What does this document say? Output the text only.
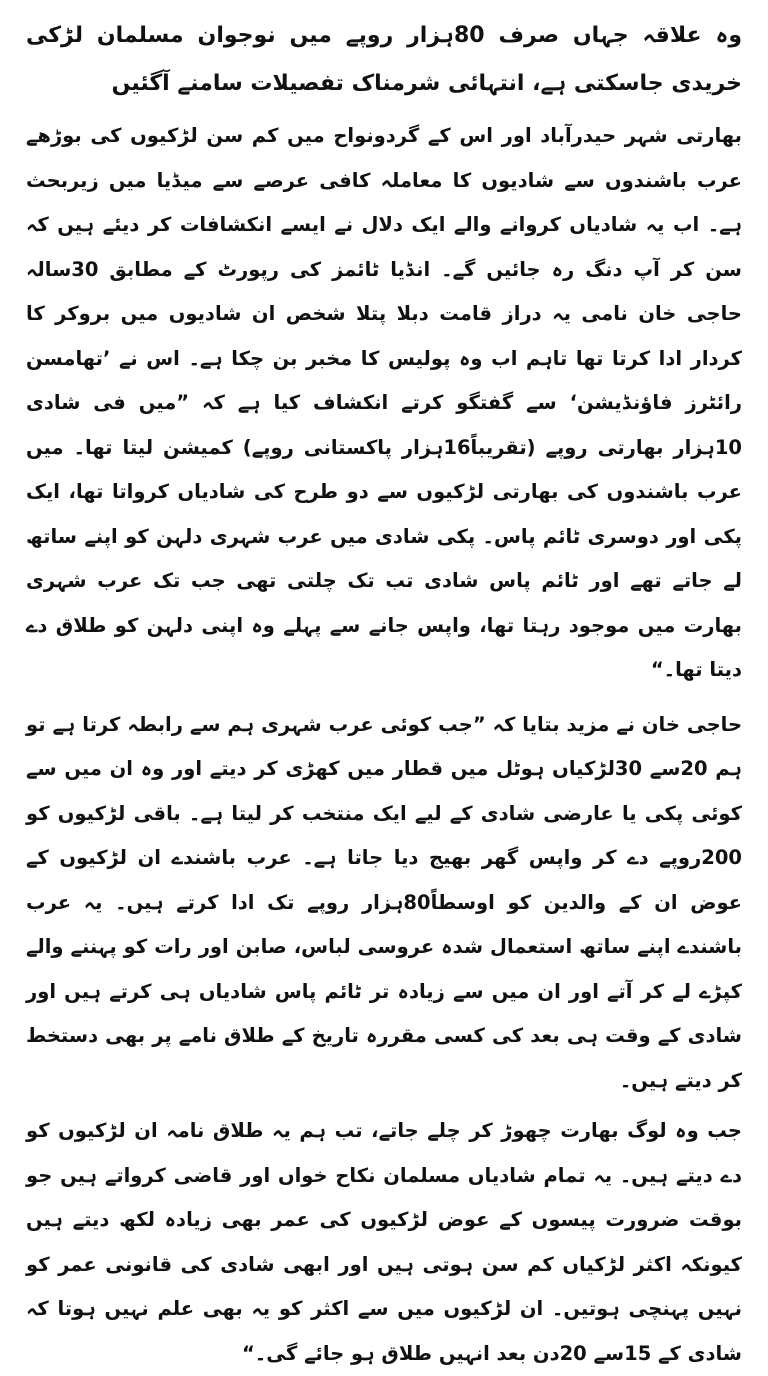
وہ علاقہ جہاں صرف 80ہزار روپے میں نوجوان مسلمان لڑکی خریدی جاسکتی ہے، انتہائی شرمناک تفصیلات سامنے آگئیں

بھارتی شہر حیدرآباد اور اس کے گردونواح میں کم سن لڑکیوں کی بوڑھے عرب باشندوں سے شادیوں کا معاملہ کافی عرصے سے میڈیا میں زیربحث ہے۔ اب یہ شادیاں کروانے والے ایک دلال نے ایسے انکشافات کر دیئے ہیں کہ سن کر آپ دنگ رہ جائیں گے۔ انڈیا ٹائمز کی رپورٹ کے مطابق 30سالہ حاجی خان نامی یہ دراز قامت دبلا پتلا شخص ان شادیوں میں بروکر کا کردار ادا کرتا تھا تاہم اب وہ پولیس کا مخبر بن چکا ہے۔ اس نے ’تھامسن رائٹرز فاﺅنڈیشن‘ سے گفتگو کرتے انکشاف کیا ہے کہ ”میں فی شادی 10ہزار بھارتی روپے (تقریباً16ہزار پاکستانی روپے) کمیشن لیتا تھا۔ میں عرب باشندوں کی بھارتی لڑکیوں سے دو طرح کی شادیاں کرواتا تھا، ایک پکی اور دوسری ٹائم پاس۔ پکی شادی میں عرب شہری دلہن کو اپنے ساتھ لے جاتے تھے اور ٹائم پاس شادی تب تک چلتی تھی جب تک عرب شہری بھارت میں موجود رہتا تھا، واپس جانے سے پہلے وہ اپنی دلہن کو طلاق دے دیتا تھا۔“

حاجی خان نے مزید بتایا کہ ”جب کوئی عرب شہری ہم سے رابطہ کرتا ہے تو ہم 20سے 30لڑکیاں ہوٹل میں قطار میں کھڑی کر دیتے اور وہ ان میں سے کوئی پکی یا عارضی شادی کے لیے ایک منتخب کر لیتا ہے۔ باقی لڑکیوں کو 200روپے دے کر واپس گھر بھیج دیا جاتا ہے۔ عرب باشندے ان لڑکیوں کے عوض ان کے والدین کو اوسطاً80ہزار روپے تک ادا کرتے ہیں۔ یہ عرب باشندے اپنے ساتھ استعمال شدہ عروسی لباس، صابن اور رات کو پہننے والے کپڑے لے کر آتے اور ان میں سے زیادہ تر ٹائم پاس شادیاں ہی کرتے ہیں اور شادی کے وقت ہی بعد کی کسی مقررہ تاریخ کے طلاق نامے پر بھی دستخط کر دیتے ہیں۔

جب وہ لوگ بھارت چھوڑ کر چلے جاتے، تب ہم یہ طلاق نامہ ان لڑکیوں کو دے دیتے ہیں۔ یہ تمام شادیاں مسلمان نکاح خواں اور قاضی کرواتے ہیں جو بوقت ضرورت پیسوں کے عوض لڑکیوں کی عمر بھی زیادہ لکھ دیتے ہیں کیونکہ اکثر لڑکیاں کم سن ہوتی ہیں اور ابھی شادی کی قانونی عمر کو نہیں پہنچی ہوتیں۔ ان لڑکیوں میں سے اکثر کو یہ بھی علم نہیں ہوتا کہ شادی کے 15سے 20دن بعد انہیں طلاق ہو جائے گی۔“
